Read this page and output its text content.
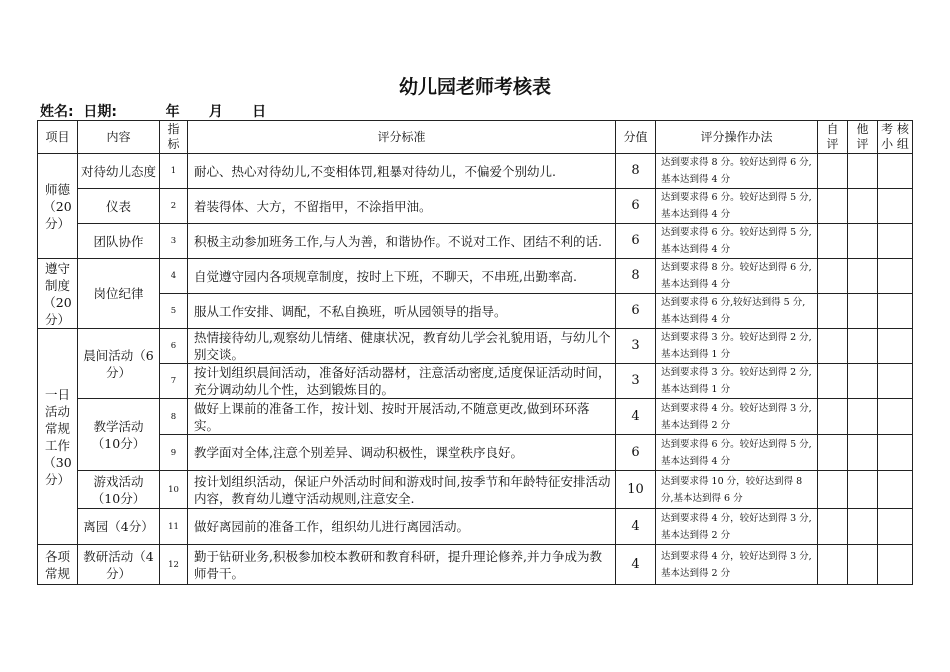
幼儿园老师考核表
姓名:  日期:          年      月      日
项目	内容	指标	评分标准	分值	评分操作办法	自评	他评	考 核 小 组
师德（20分）	对待幼儿态度	1	耐心、热心对待幼儿,不变相体罚,粗暴对待幼儿，不偏爱个别幼儿.	8	达到要求得 8 分。较好达到得 6 分,基本达到得 4 分			
	仪表	2	着装得体、大方，不留指甲，不涂指甲油。	6	达到要求得 6 分。较好达到得 5 分,基本达到得 4 分			
	团队协作	3	积极主动参加班务工作,与人为善，和谐协作。不说对工作、团结不利的话.	6	达到要求得 6 分。较好达到得 5 分,基本达到得 4 分			
遵守制度（20分）	岗位纪律	4	自觉遵守园内各项规章制度，按时上下班，不聊天，不串班,出勤率高.	8	达到要求得 8 分。较好达到得 6 分,基本达到得 4 分			
		5	服从工作安排、调配，不私自换班，听从园领导的指导。	6	达到要求得 6 分,较好达到得 5 分,基本达到得 4 分			
一日活动常规工作（30分）	晨间活动（6分）	6	热情接待幼儿,观察幼儿情绪、健康状况，教育幼儿学会礼貌用语，与幼儿个别交谈。	3	达到要求得 3 分。较好达到得 2 分,基本达到得 1 分			
		7	按计划组织晨间活动，准备好活动器材，注意活动密度,适度保证活动时间，充分调动幼儿个性，达到锻炼目的。	3	达到要求得 3 分。较好达到得 2 分,基本达到得 1 分			
	教学活动（10分）	8	做好上课前的准备工作，按计划、按时开展活动,不随意更改,做到环环落实。	4	达到要求得 4 分。较好达到得 3 分,基本达到得 2 分			
		9	教学面对全体,注意个别差异、调动积极性，课堂秩序良好。	6	达到要求得 6 分。较好达到得 5 分,基本达到得 4 分			
	游戏活动（10分）	10	按计划组织活动，保证户外活动时间和游戏时间,按季节和年龄特征安排活动内容，教育幼儿遵守活动规则,注意安全.	10	达到要求得 10 分，较好达到得 8 分,基本达到得 6 分			
	离园（4分）	11	做好离园前的准备工作，组织幼儿进行离园活动。	4	达到要求得 4 分，较好达到得 3 分,基本达到得 2 分			
各项常规	教研活动（4分）	12	勤于钻研业务,积极参加校本教研和教育科研，提升理论修养,并力争成为教师骨干。	4	达到要求得 4 分，较好达到得 3 分,基本达到得 2 分			
